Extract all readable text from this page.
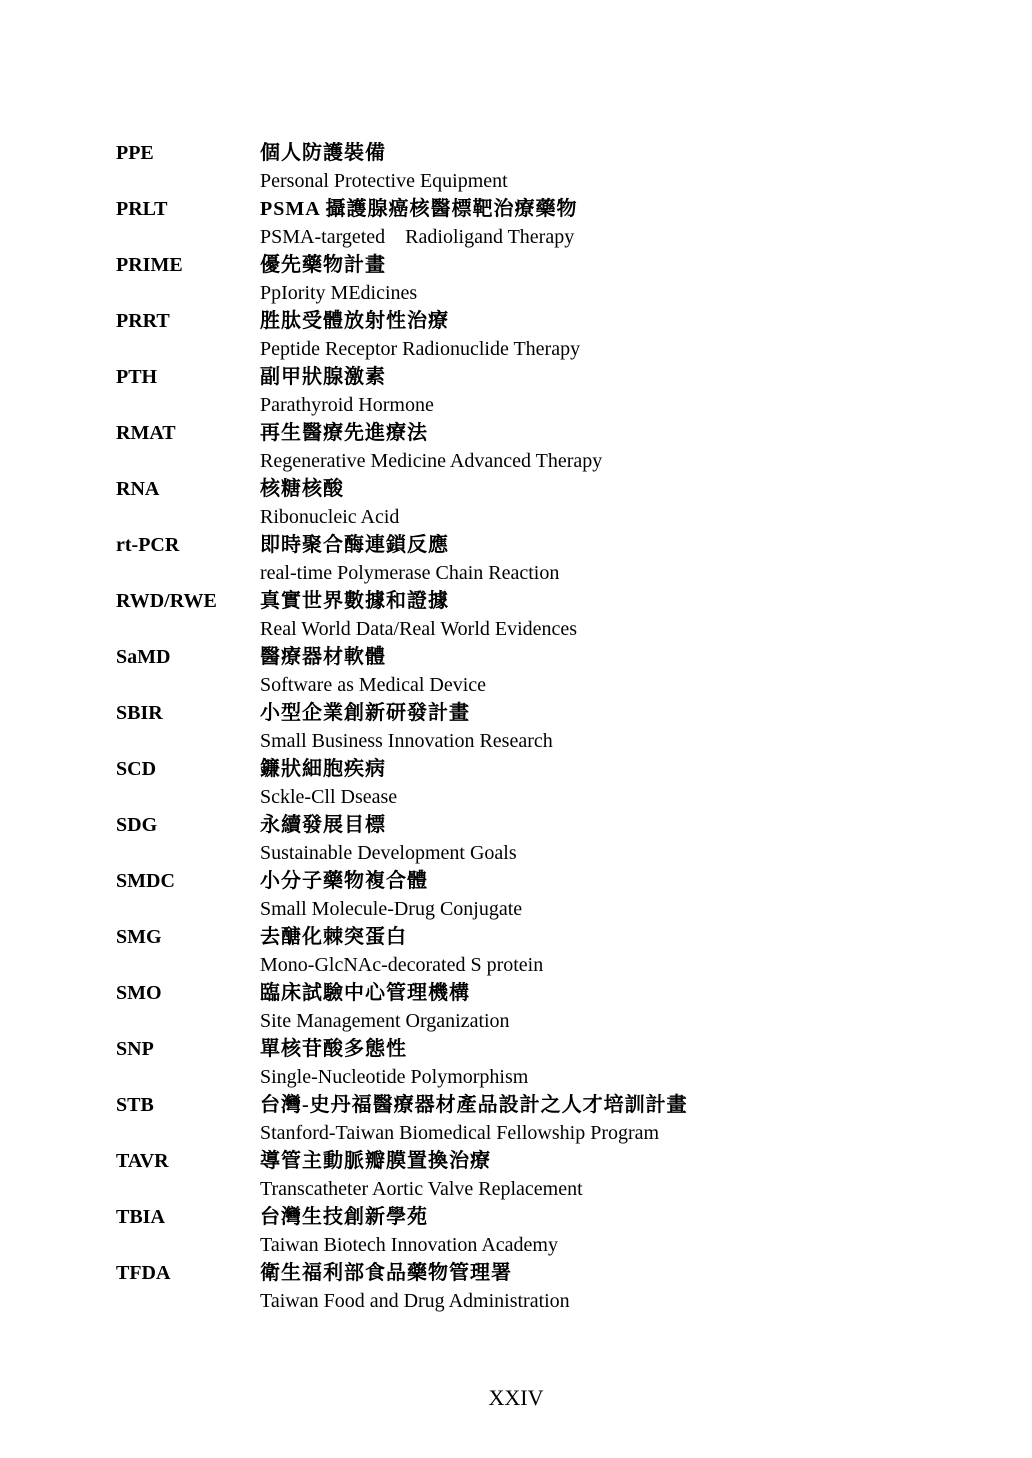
PPE	個人防護裝備
Personal Protective Equipment
PRLT	PSMA 攝護腺癌核醫標靶治療藥物
PSMA-targeted    Radioligand Therapy
PRIME	優先藥物計畫
PpIority MEdicines
PRRT	胜肽受體放射性治療
Peptide Receptor Radionuclide Therapy
PTH	副甲狀腺激素
Parathyroid Hormone
RMAT	再生醫療先進療法
Regenerative Medicine Advanced Therapy
RNA	核糖核酸
Ribonucleic Acid
rt-PCR	即時聚合酶連鎖反應
real-time Polymerase Chain Reaction
RWD/RWE 真實世界數據和證據
Real World Data/Real World Evidences
SaMD	醫療器材軟體
Software as Medical Device
SBIR	小型企業創新研發計畫
Small Business Innovation Research
SCD	鐮狀細胞疾病
Sckle-Cll Dsease
SDG	永續發展目標
Sustainable Development Goals
SMDC	小分子藥物複合體
Small Molecule-Drug Conjugate
SMG	去醣化棘突蛋白
Mono-GlcNAc-decorated S protein
SMO	臨床試驗中心管理機構
Site Management Organization
SNP	單核苷酸多態性
Single-Nucleotide Polymorphism
STB	台灣-史丹福醫療器材產品設計之人才培訓計畫
Stanford-Taiwan Biomedical Fellowship Program
TAVR	導管主動脈瓣膜置換治療
Transcatheter Aortic Valve Replacement
TBIA	台灣生技創新學苑
Taiwan Biotech Innovation Academy
TFDA	衛生福利部食品藥物管理署
Taiwan Food and Drug Administration
XXIV
